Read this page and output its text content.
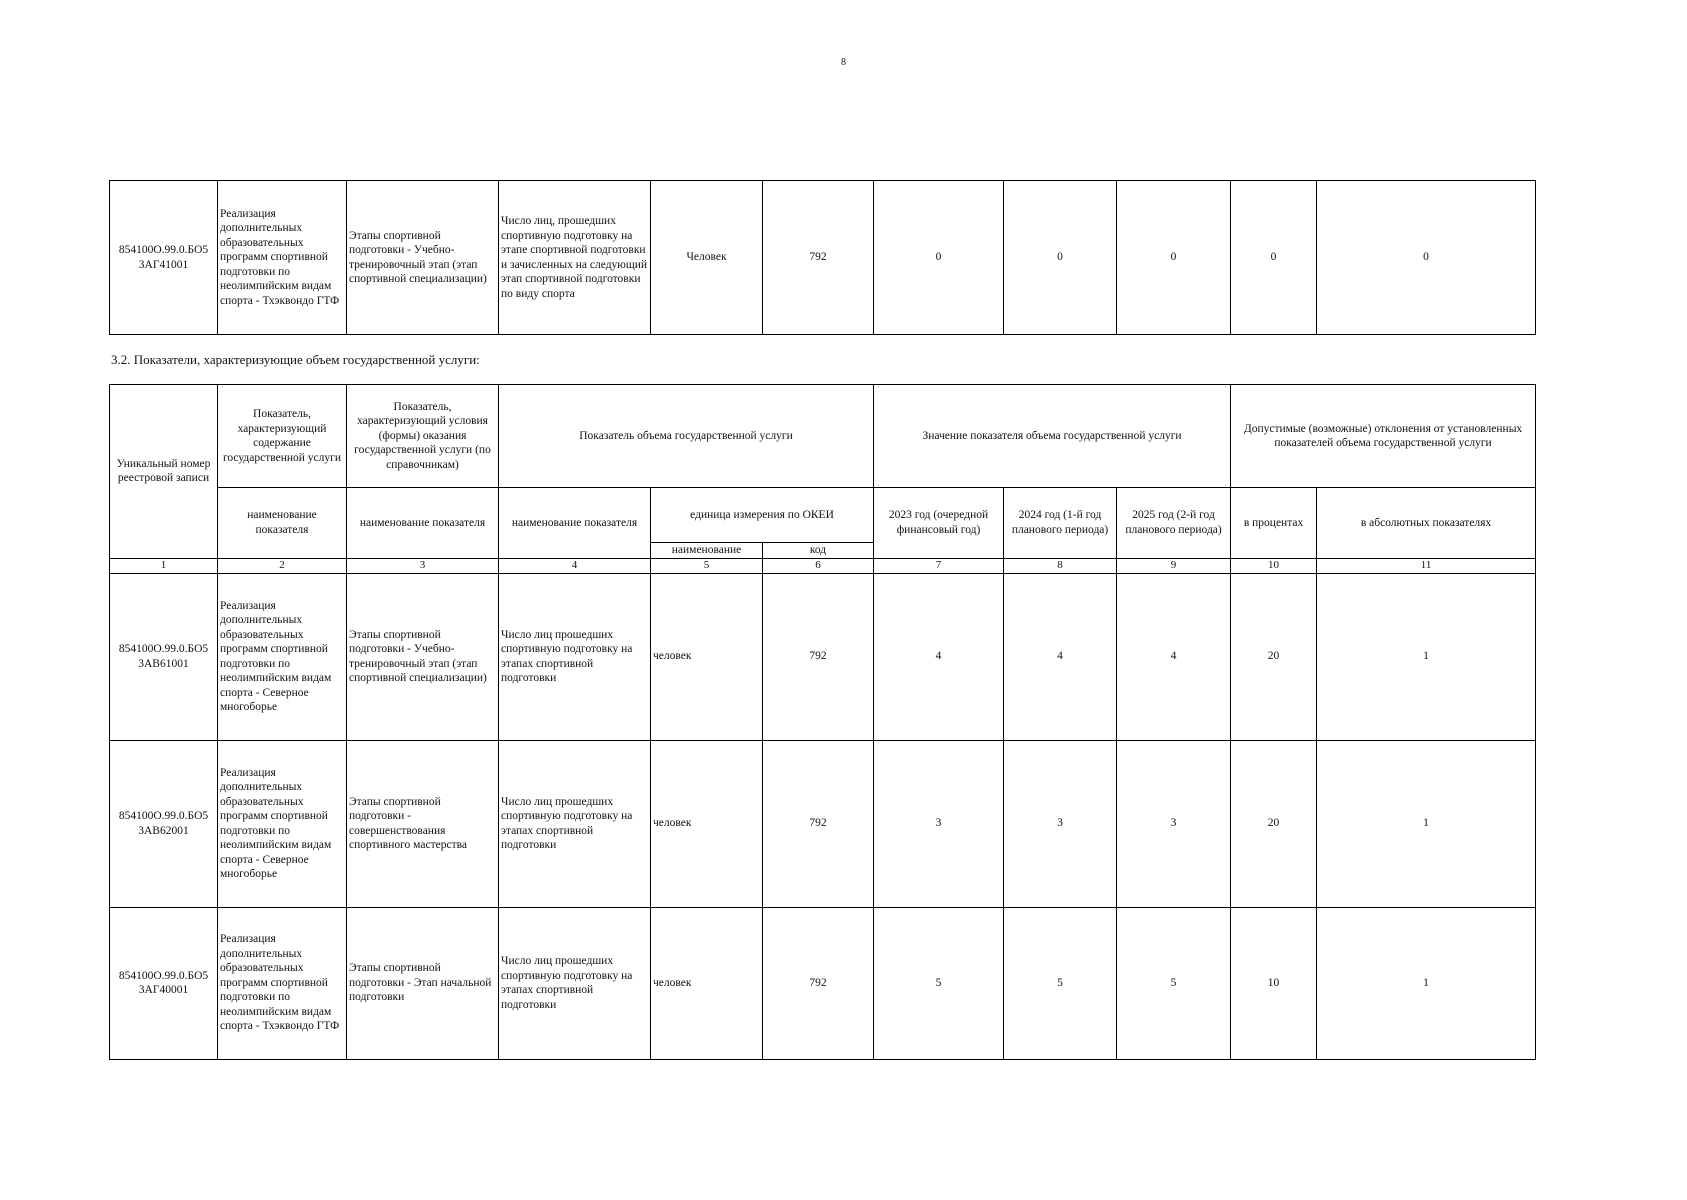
8
854100О.99.0.БО5 3АГ41001	Реализация дополнительных образовательных программ спортивной подготовки по неолимпийским видам спорта - Тхэквондо ГТФ	Этапы спортивной подготовки - Учебно-тренировочный этап (этап спортивной специализации)	Число лиц, прошедших спортивную подготовку на этапе спортивной подготовки и зачисленных на следующий этап спортивной подготовки по виду спорта	Человек	792	0	0	0	0	0
3.2. Показатели, характеризующие объем государственной услуги:
Уникальный номер реестровой записи	Показатель, характеризующий содержание государственной услуги	Показатель, характеризующий условия (формы) оказания государственной услуги (по справочникам)	Показатель объема государственной услуги			Значение показателя объема государственной услуги			Допустимые (возможные) отклонения от установленных показателей объема государственной услуги	
	наименование показателя	наименование показателя	наименование показателя	единица измерения по ОКЕИ		2023 год (очередной финансовый год)	2024 год (1-й год планового периода)	2025 год (2-й год планового периода)	в процентах	в абсолютных показателях
				наименование	код					
1	2	3	4	5	6	7	8	9	10	11
854100О.99.0.БО5 3АВ61001	Реализация дополнительных образовательных программ спортивной подготовки по неолимпийским видам спорта - Северное многоборье	Этапы спортивной подготовки - Учебно-тренировочный этап (этап спортивной специализации)	Число лиц прошедших спортивную подготовку на этапах спортивной подготовки	человек	792	4	4	4	20	1
854100О.99.0.БО5 3АВ62001	Реализация дополнительных образовательных программ спортивной подготовки по неолимпийским видам спорта - Северное многоборье	Этапы спортивной подготовки - совершенствования спортивного мастерства	Число лиц прошедших спортивную подготовку на этапах спортивной подготовки	человек	792	3	3	3	20	1
854100О.99.0.БО5 3АГ40001	Реализация дополнительных образовательных программ спортивной подготовки по неолимпийским видам спорта - Тхэквондо ГТФ	Этапы спортивной подготовки - Этап начальной подготовки	Число лиц прошедших спортивную подготовку на этапах спортивной подготовки	человек	792	5	5	5	10	1
